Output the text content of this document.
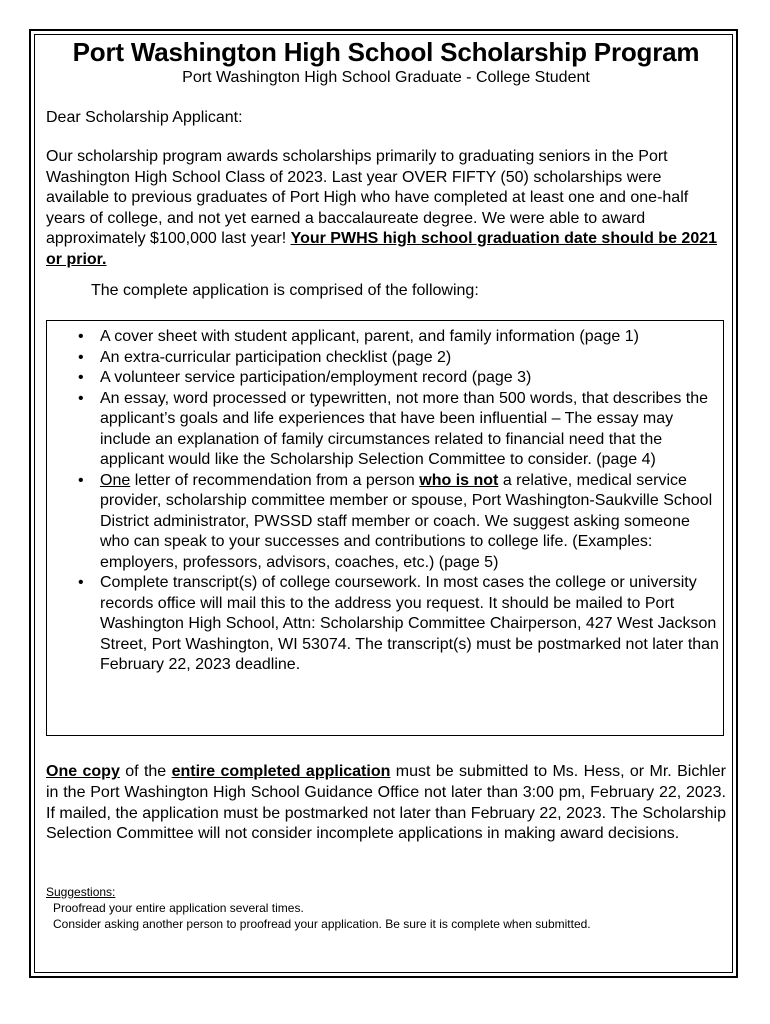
Port Washington High School Scholarship Program

Port Washington High School Graduate - College Student

Dear Scholarship Applicant:

Our scholarship program awards scholarships primarily to graduating seniors in the Port Washington High School Class of 2023. Last year OVER FIFTY (50) scholarships were available to previous graduates of Port High who have completed at least one and one-half years of college, and not yet earned a baccalaureate degree. We were able to award approximately $100,000 last year! Your PWHS high school graduation date should be 2021 or prior.

The complete application is comprised of the following:

• A cover sheet with student applicant, parent, and family information (page 1)
• An extra-curricular participation checklist (page 2)
• A volunteer service participation/employment record (page 3)
• An essay, word processed or typewritten, not more than 500 words, that describes the applicant’s goals and life experiences that have been influential – The essay may include an explanation of family circumstances related to financial need that the applicant would like the Scholarship Selection Committee to consider. (page 4)
• One letter of recommendation from a person who is not a relative, medical service provider, scholarship committee member or spouse, Port Washington-Saukville School District administrator, PWSSD staff member or coach. We suggest asking someone who can speak to your successes and contributions to college life. (Examples: employers, professors, advisors, coaches, etc.) (page 5)
• Complete transcript(s) of college coursework. In most cases the college or university records office will mail this to the address you request. It should be mailed to Port Washington High School, Attn: Scholarship Committee Chairperson, 427 West Jackson Street, Port Washington, WI 53074. The transcript(s) must be postmarked not later than February 22, 2023 deadline.

One copy of the entire completed application must be submitted to Ms. Hess, or Mr. Bichler in the Port Washington High School Guidance Office not later than 3:00 pm, February 22, 2023. If mailed, the application must be postmarked not later than February 22, 2023. The Scholarship Selection Committee will not consider incomplete applications in making award decisions.

Suggestions:
Proofread your entire application several times.
Consider asking another person to proofread your application. Be sure it is complete when submitted.
